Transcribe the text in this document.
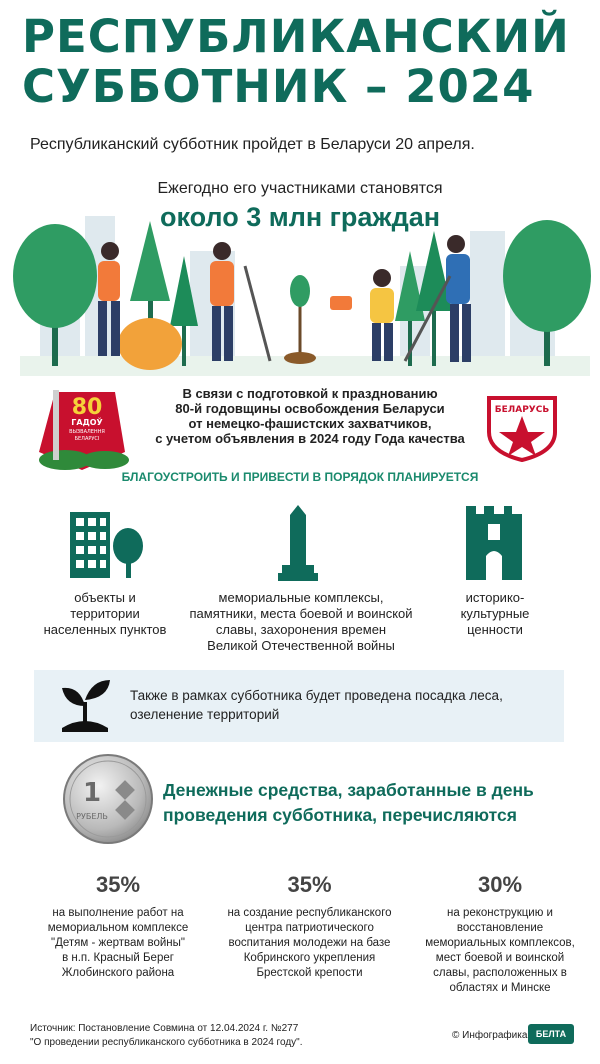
РЕСПУБЛИКАНСКИЙ
СУББОТНИК – 2024
Республиканский субботник пройдет в Беларуси 20 апреля.
Ежегодно его участниками становятся
около 3 млн граждан
80
ГАДОЎ
ВЫЗВАЛЕННЯ
БЕЛАРУСІ
В связи с подготовкой к празднованию
80-й годовщины освобождения Беларуси
от немецко-фашистских захватчиков,
с учетом объявления в 2024 году Года качества
БЕЛАРУСЬ
БЛАГОУСТРОИТЬ И ПРИВЕСТИ В ПОРЯДОК ПЛАНИРУЕТСЯ
объекты и
территории
населенных пунктов
мемориальные комплексы,
памятники, места боевой и воинской
славы, захоронения времен
Великой Отечественной войны
историко-
культурные
ценности
Также в рамках субботника будет проведена посадка леса,
озеленение территорий
1
РУБЕЛЬ
Денежные средства, заработанные в день
проведения субботника, перечисляются
35%
на выполнение работ на
мемориальном комплексе
"Детям - жертвам войны"
в н.п. Красный Берег
Жлобинского района
35%
на создание республиканского
центра патриотического
воспитания молодежи на базе
Кобринского укрепления
Брестской крепости
30%
на реконструкцию и
восстановление
мемориальных комплексов,
мест боевой и воинской
славы, расположенных в
областях и Минске
Источник: Постановление Совмина от 12.04.2024 г. №277
"О проведении республиканского субботника в 2024 году".
© Инфографика БЕЛТА
